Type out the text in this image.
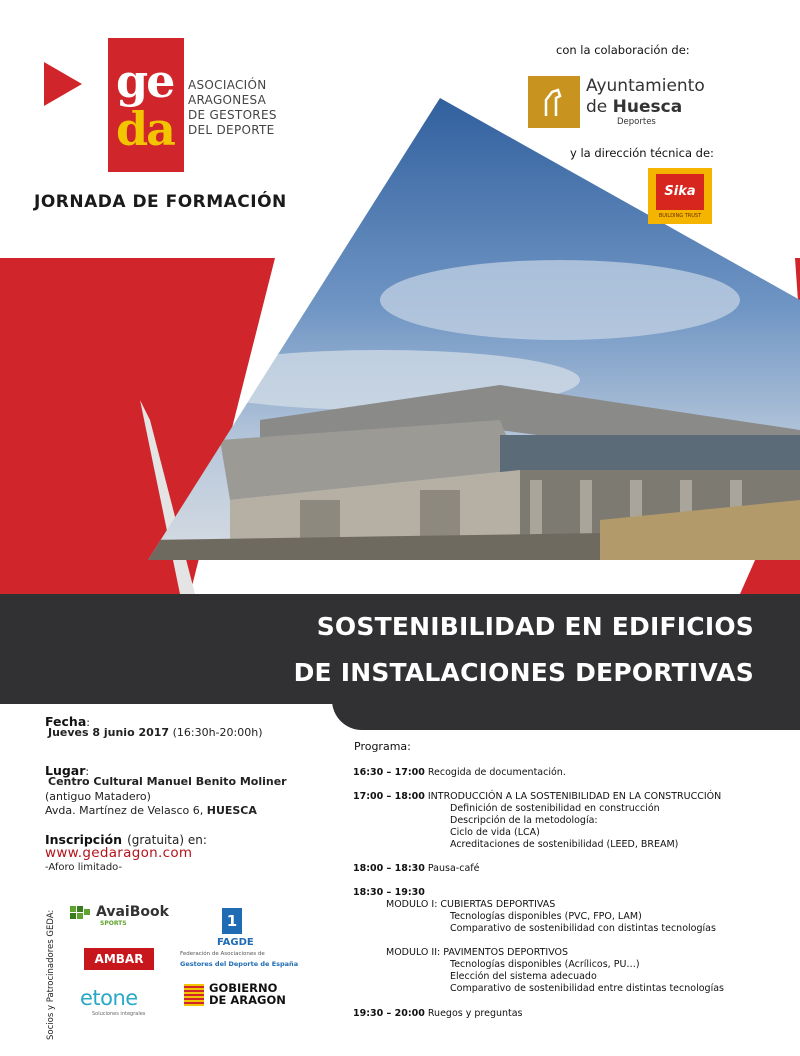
ge
da
ASOCIACIÓN
ARAGONESA
DE GESTORES
DEL DEPORTE
JORNADA DE FORMACIÓN
con la colaboración de:
Ayuntamiento
de Huesca
Deportes
y la dirección técnica de:
Sika
BUILDING TRUST
SOSTENIBILIDAD EN EDIFICIOS
DE INSTALACIONES DEPORTIVAS
Fecha:
Jueves 8 junio 2017 (16:30h-20:00h)
Lugar:
Centro Cultural Manuel Benito Moliner
(antiguo Matadero)
Avda. Martínez de Velasco 6, HUESCA
Inscripción (gratuita) en:
www.gedaragon.com
-Aforo limitado-
Socios y Patrocinadores GEDA:	AvaiBook
SPORTS
AMBAR
etone
Soluciones integrales
1
FAGDE
Federación de Asociaciones de
Gestores del Deporte de España
GOBIERNO
DE ARAGON
Programa:
16:30 – 17:00 Recogida de documentación.
17:00 – 18:00 INTRODUCCIÓN A LA SOSTENIBILIDAD EN LA CONSTRUCCIÓN
Definición de sostenibilidad en construcción
Descripción de la metodología:
Ciclo de vida (LCA)
Acreditaciones de sostenibilidad (LEED, BREAM)
18:00 – 18:30 Pausa-café
18:30 – 19:30
MODULO I: CUBIERTAS DEPORTIVAS
Tecnologías disponibles (PVC, FPO, LAM)
Comparativo de sostenibilidad con distintas tecnologías
MODULO II: PAVIMENTOS DEPORTIVOS
Tecnologías disponibles (Acrílicos, PU…)
Elección del sistema adecuado
Comparativo de sostenibilidad entre distintas tecnologías
19:30 – 20:00 Ruegos y preguntas
